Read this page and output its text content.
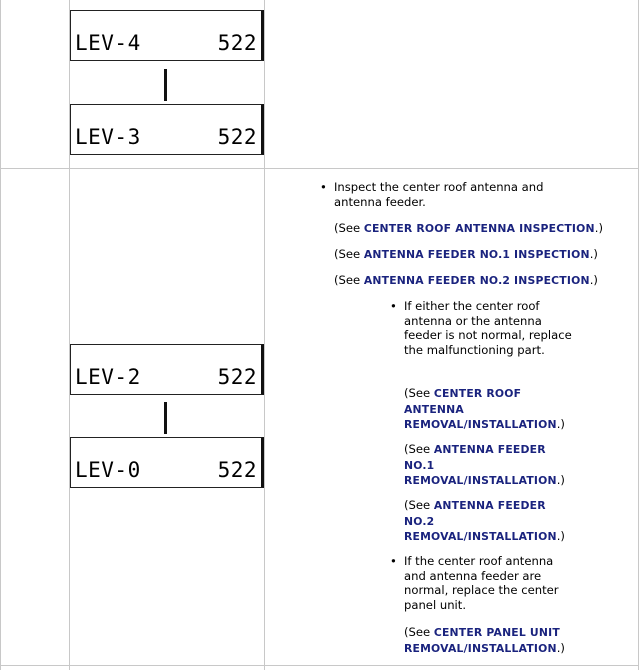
LEV-4	522
LEV-3	522
LEV-2	522
LEV-0	522
• Inspect the center roof antenna and antenna feeder.
(See CENTER ROOF ANTENNA INSPECTION.)
(See ANTENNA FEEDER NO.1 INSPECTION.)
(See ANTENNA FEEDER NO.2 INSPECTION.)
• If either the center roof antenna or the antenna feeder is not normal, replace the malfunctioning part.
(See CENTER ROOF ANTENNA REMOVAL/INSTALLATION.)
(See ANTENNA FEEDER NO.1 REMOVAL/INSTALLATION.)
(See ANTENNA FEEDER NO.2 REMOVAL/INSTALLATION.)
• If the center roof antenna and antenna feeder are normal, replace the center panel unit.
(See CENTER PANEL UNIT REMOVAL/INSTALLATION.)
